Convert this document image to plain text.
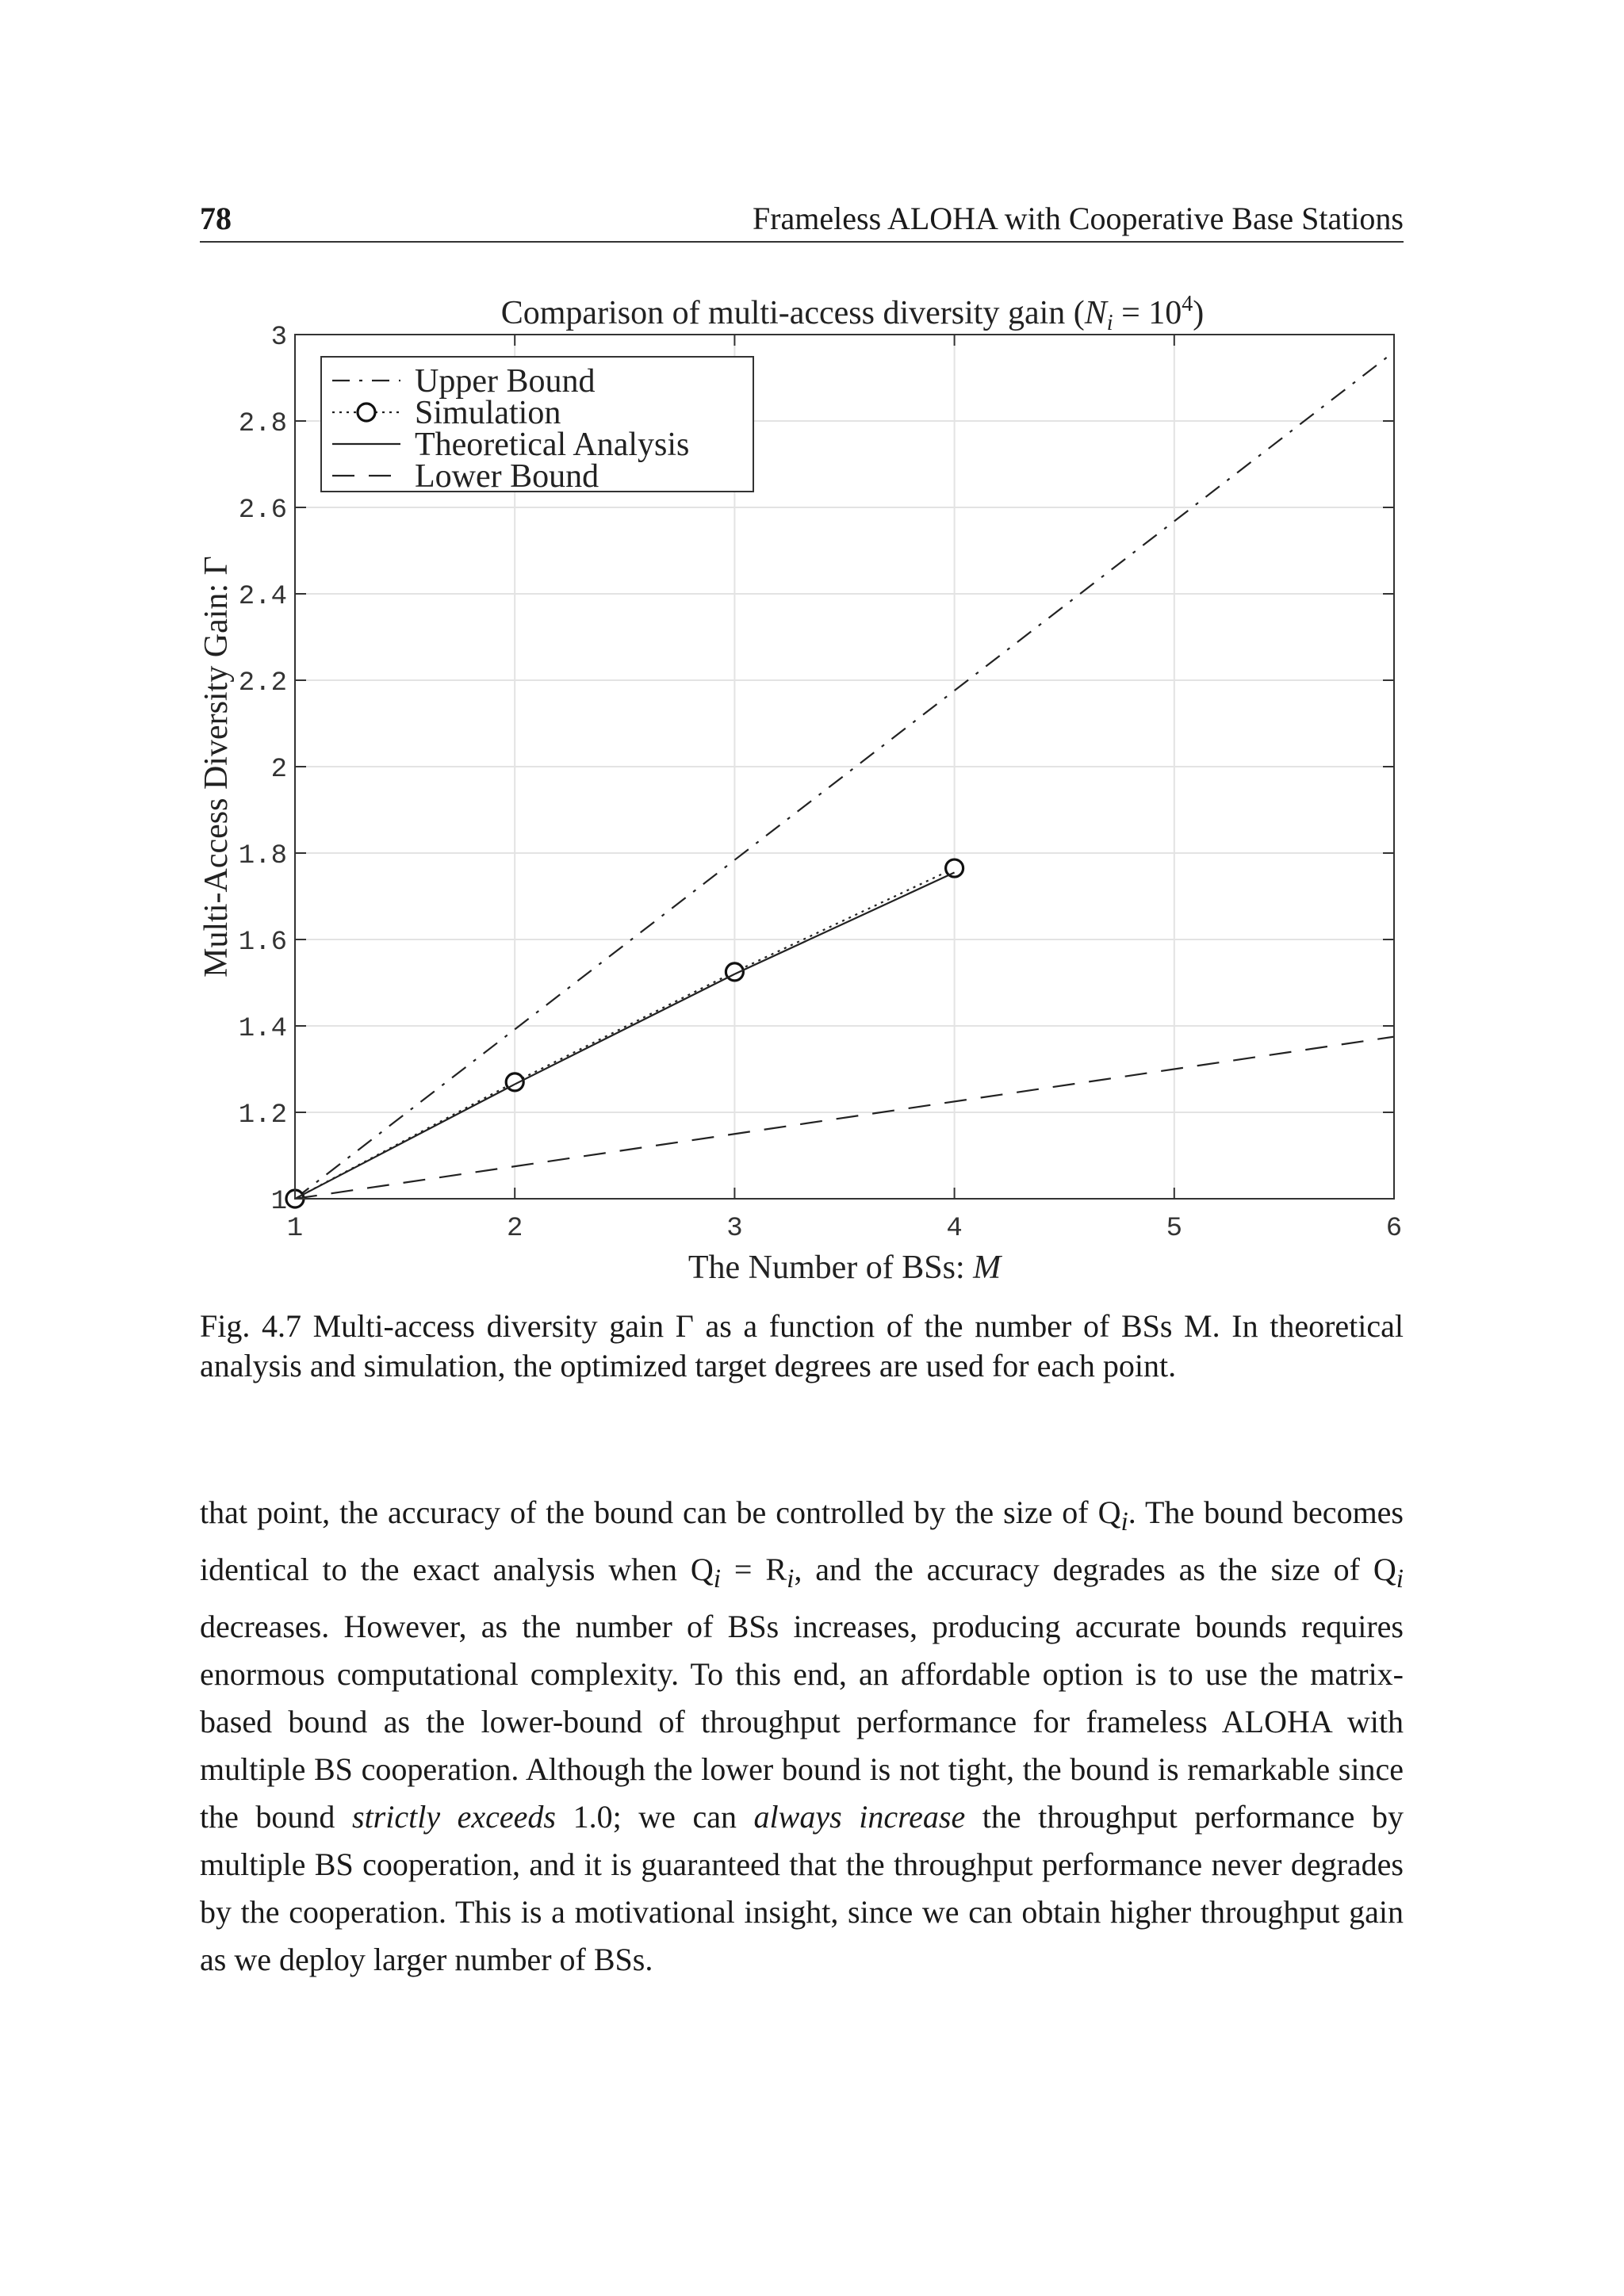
78	Frameless ALOHA with Cooperative Base Stations
1	2	3	4	5	6
1
1.2
1.4
1.6
1.8
2
2.2
2.4
2.6
2.8
3
Comparison of multi-access diversity gain $(Ni = 10^4)$
The Number of BSs: M
Multi-Access Diversity Gain: Γ
Upper Bound
Simulation
Theoretical Analysis
Lower Bound
Fig. 4.7 Multi-access diversity gain Γ as a function of the number of BSs M. In theoretical analysis and simulation, the optimized target degrees are used for each point.

that point, the accuracy of the bound can be controlled by the size of $Q_i$. The bound becomes identical to the exact analysis when $Q_i = R_i$, and the accuracy degrades as the size of $Q_i$ decreases. However, as the number of BSs increases, producing accurate bounds requires enormous computational complexity. To this end, an affordable option is to use the matrix-based bound as the lower-bound of throughput performance for frameless ALOHA with multiple BS cooperation. Although the lower bound is not tight, the bound is remarkable since the bound strictly exceeds 1.0; we can always increase the throughput performance by multiple BS cooperation, and it is guaranteed that the throughput performance never degrades by the cooperation. This is a motivational insight, since we can obtain higher throughput gain as we deploy larger number of BSs.
